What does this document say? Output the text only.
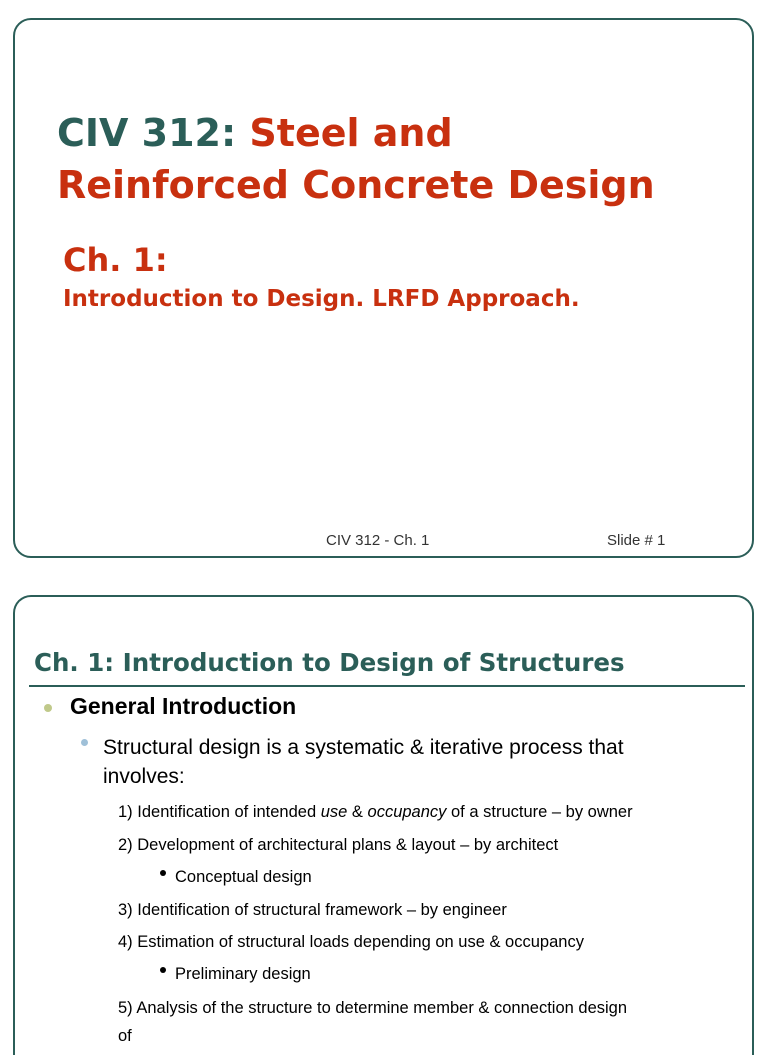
CIV 312: Steel and
Reinforced Concrete Design
Ch. 1:
Introduction to Design. LRFD Approach.
CIV 312 - Ch. 1	Slide # 1
Ch. 1: Introduction to Design of Structures
General Introduction
Structural design is a systematic & iterative process that
involves:
1) Identification of intended use & occupancy of a structure – by owner
2) Development of architectural plans & layout – by architect
Conceptual design
3) Identification of structural framework – by engineer
4) Estimation of structural loads depending on use & occupancy
Preliminary design
5) Analysis of the structure to determine member & connection design
of
